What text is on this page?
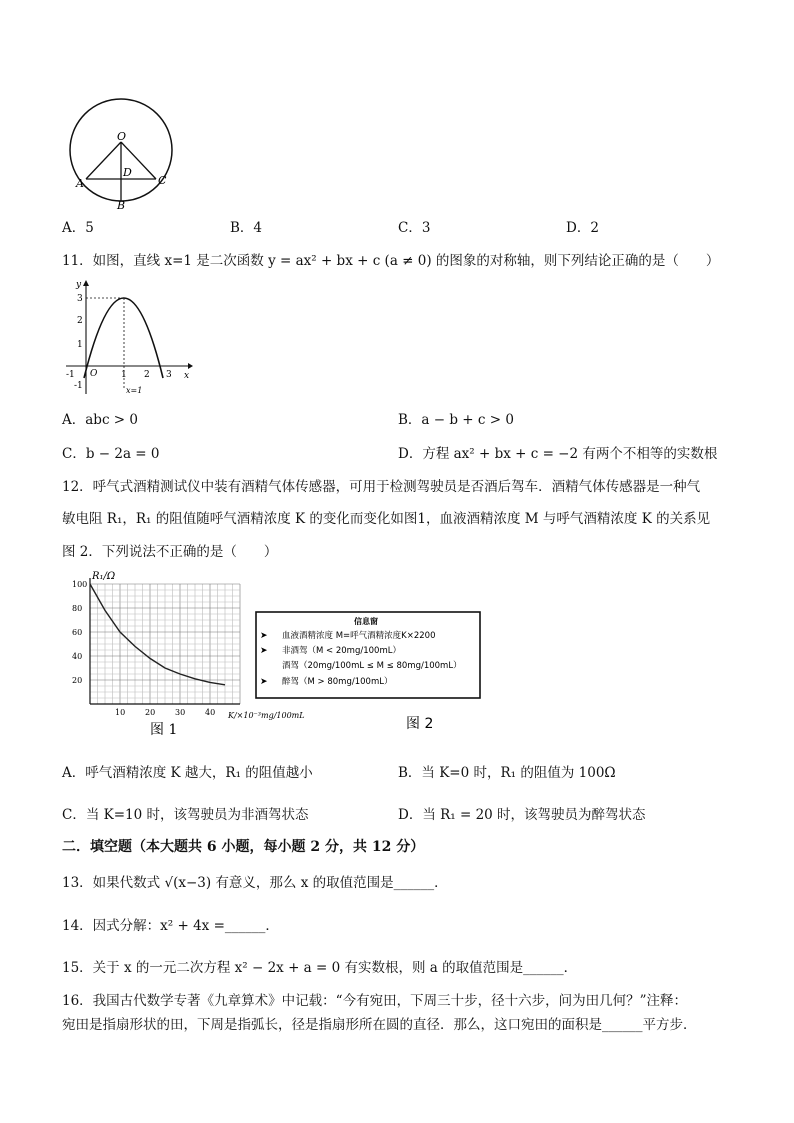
O
A
B
C
D
A．5	B．4	C．3	D．2
11．如图，直线 x=1 是二次函数 y = ax² + bx + c (a ≠ 0) 的图象的对称轴，则下列结论正确的是（　　）
y
x
O
3
2
1
-1
-1	1 2 3
x=1
A．abc > 0	B．a − b + c > 0
C．b − 2a = 0	D．方程 ax² + bx + c = −2 有两个不相等的实数根
12．呼气式酒精测试仪中装有酒精气体传感器，可用于检测驾驶员是否酒后驾车．酒精气体传感器是一种气
敏电阻 R₁，R₁ 的阻值随呼气酒精浓度 K 的变化而变化如图1，血液酒精浓度 M 与呼气酒精浓度 K 的关系见
图 2．下列说法不正确的是（　　）
100
80
60
40
20
10 20 30 40
R₁/Ω
K/×10⁻³mg/100mL
图 1
信息窗
➤ 血液酒精浓度 M=呼气酒精浓度K×2200
➤ 非酒驾（M < 20mg/100mL）
酒驾（20mg/100mL ≤ M ≤ 80mg/100mL）
➤ 醉驾（M > 80mg/100mL）
图 2
A．呼气酒精浓度 K 越大，R₁ 的阻值越小	B．当 K=0 时，R₁ 的阻值为 100Ω
C．当 K=10 时，该驾驶员为非酒驾状态	D．当 R₁ = 20 时，该驾驶员为醉驾状态
二．填空题（本大题共 6 小题，每小题 2 分，共 12 分）
13．如果代数式 √(x−3) 有意义，那么 x 的取值范围是______．
14．因式分解：x² + 4x =______．
15．关于 x 的一元二次方程 x² − 2x + a = 0 有实数根，则 a 的取值范围是______．
16．我国古代数学专著《九章算术》中记载：“今有宛田，下周三十步，径十六步，问为田几何？”注释：
宛田是指扇形状的田，下周是指弧长，径是指扇形所在圆的直径．那么，这口宛田的面积是______平方步．
